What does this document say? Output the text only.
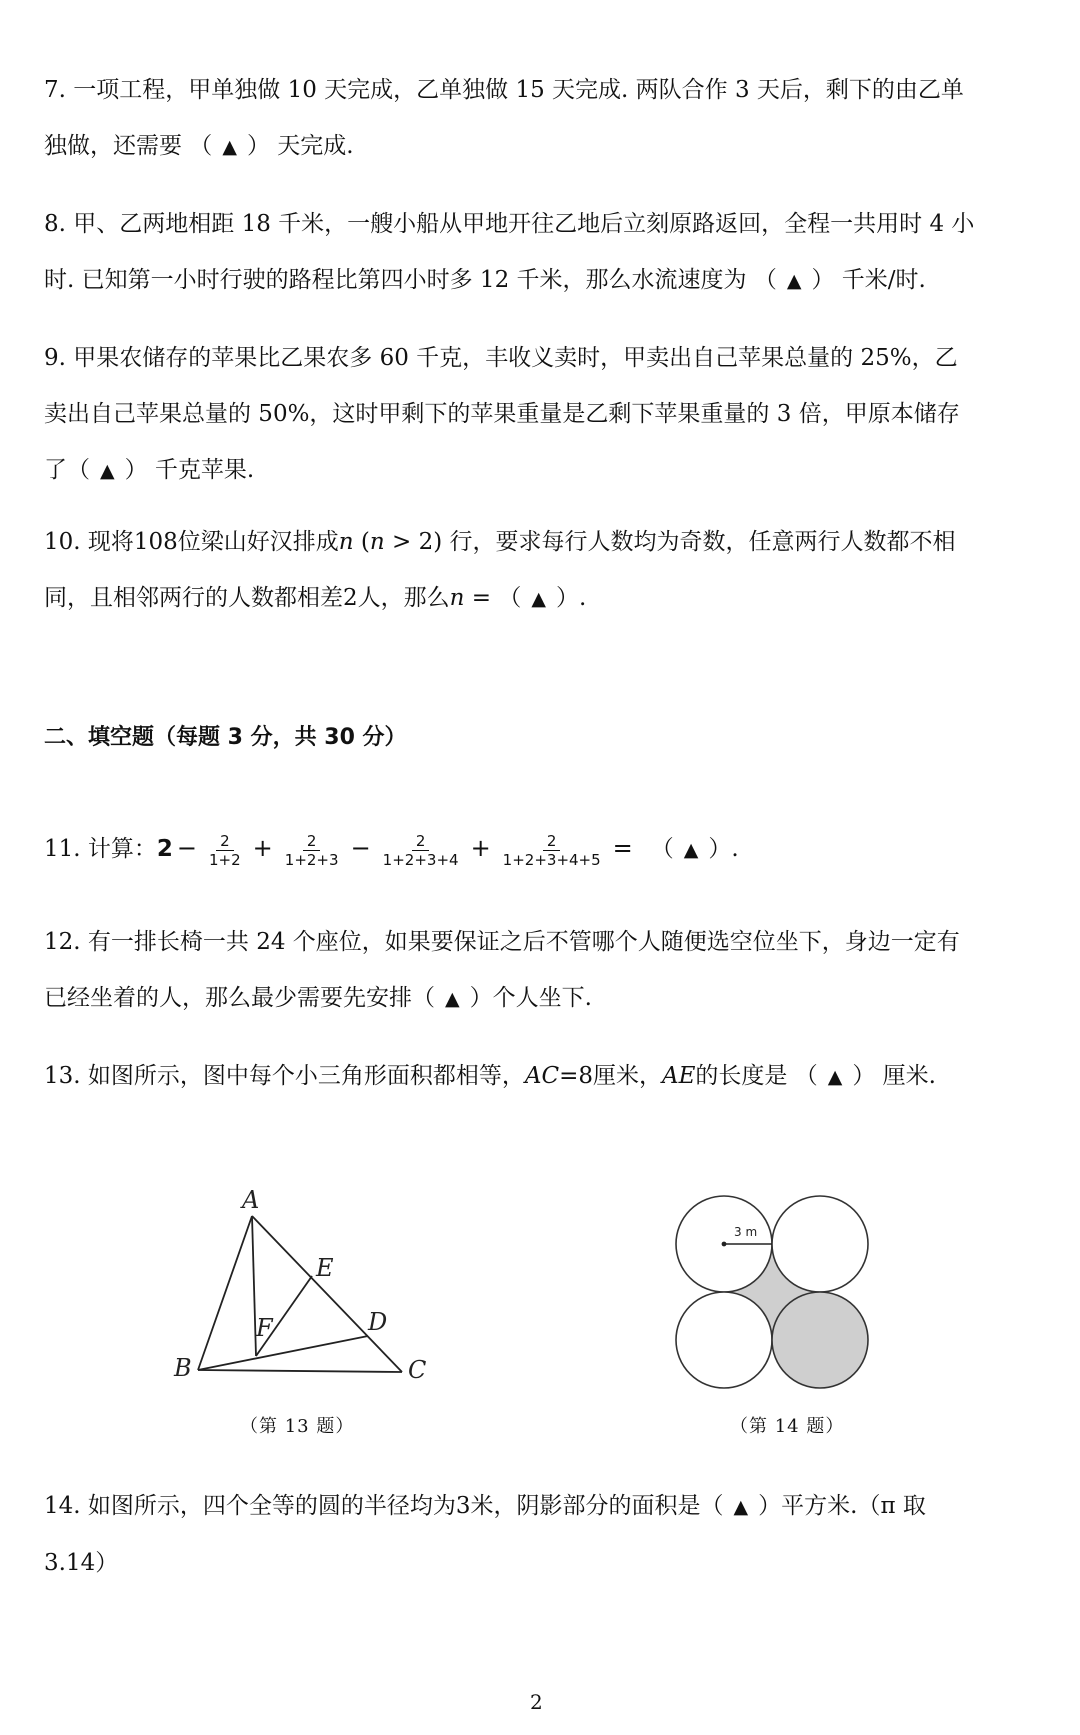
7. 一项工程，甲单独做 10 天完成，乙单独做 15 天完成. 两队合作 3 天后，剩下的由乙单
独做，还需要 （ ▲ ） 天完成.
8. 甲、乙两地相距 18 千米，一艘小船从甲地开往乙地后立刻原路返回，全程一共用时 4 小
时. 已知第一小时行驶的路程比第四小时多 12 千米，那么水流速度为 （ ▲ ） 千米/时.
9. 甲果农储存的苹果比乙果农多 60 千克，丰收义卖时，甲卖出自己苹果总量的 25%，乙
卖出自己苹果总量的 50%，这时甲剩下的苹果重量是乙剩下苹果重量的 3 倍，甲原本储存
了（ ▲ ） 千克苹果.
10. 现将108位梁山好汉排成n (n > 2) 行，要求每行人数均为奇数，任意两行人数都不相
同，且相邻两行的人数都相差2人，那么n = （ ▲ ）.
二、填空题（每题 3 分，共 30 分）
11. 计算：$2 - \frac{2}{1+2} + \frac{2}{1+2+3} - \frac{2}{1+2+3+4} + \frac{2}{1+2+3+4+5}$ = （ ▲ ）.
12. 有一排长椅一共 24 个座位，如果要保证之后不管哪个人随便选空位坐下，身边一定有
已经坐着的人，那么最少需要先安排（ ▲ ）个人坐下.
13. 如图所示，图中每个小三角形面积都相等，AC=8厘米，AE的长度是 （ ▲ ） 厘米.
A
E
F	D
B	C
（第 13 题）
3 m
（第 14 题）
14. 如图所示，四个全等的圆的半径均为3米，阴影部分的面积是（ ▲ ）平方米.（π 取
3.14）
2
